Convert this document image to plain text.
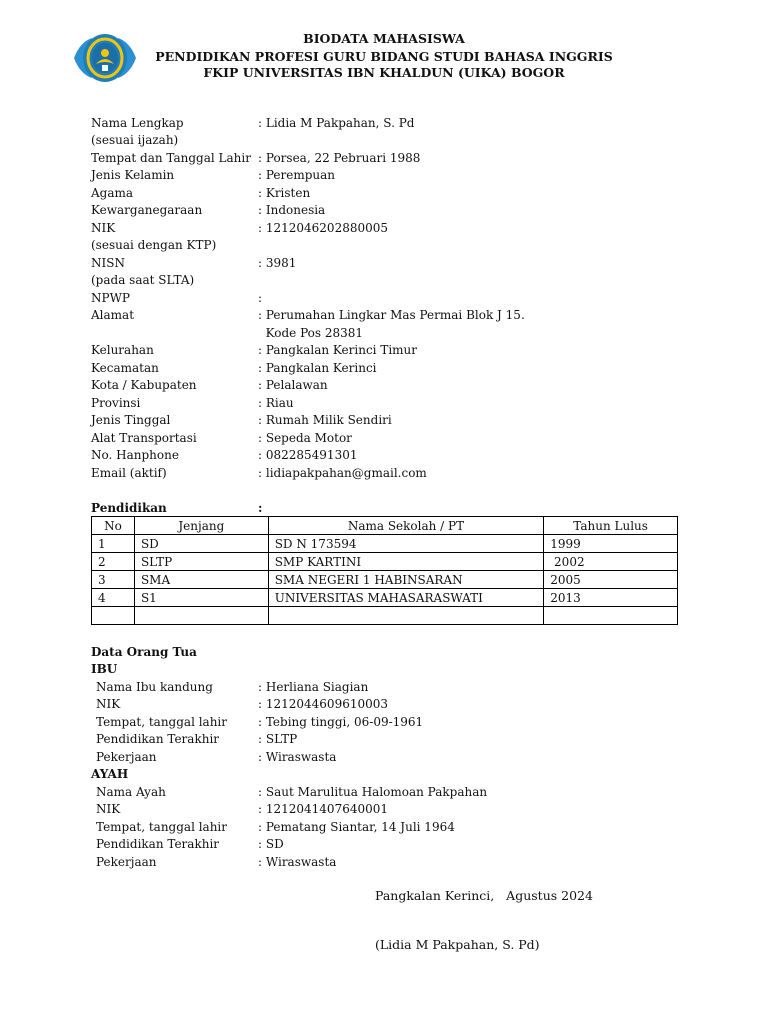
BIODATA MAHASISWA
PENDIDIKAN PROFESI GURU BIDANG STUDI BAHASA INGGRIS
FKIP UNIVERSITAS IBN KHALDUN (UIKA) BOGOR
Nama Lengkap	: Lidia M Pakpahan, S. Pd
(sesuai ijazah)
Tempat dan Tanggal Lahir : Porsea, 22 Pebruari 1988
Jenis Kelamin	: Perempuan
Agama	: Kristen
Kewarganegaraan	: Indonesia
NIK	: 1212046202880005
(sesuai dengan KTP)
NISN	: 3981
(pada saat SLTA)
NPWP	:
Alamat	: Perumahan Lingkar Mas Permai Blok J 15.
Kode Pos 28381
Kelurahan	: Pangkalan Kerinci Timur
Kecamatan	: Pangkalan Kerinci
Kota / Kabupaten	: Pelalawan
Provinsi	: Riau
Jenis Tinggal	: Rumah Milik Sendiri
Alat Transportasi	: Sepeda Motor
No. Hanphone	: 082285491301
Email (aktif)	: lidiapakpahan@gmail.com
Pendidikan	:
No	Jenjang	Nama Sekolah / PT	Tahun Lulus
1	SD	SD N 173594	1999
2	SLTP	SMP KARTINI	2002
3	SMA	SMA NEGERI 1 HABINSARAN	2005
4	S1	UNIVERSITAS MAHASARASWATI	2013

Data Orang Tua
IBU
Nama Ibu kandung	: Herliana Siagian
NIK	: 1212044609610003
Tempat, tanggal lahir	: Tebing tinggi, 06-09-1961
Pendidikan Terakhir	: SLTP
Pekerjaan	: Wiraswasta
AYAH
Nama Ayah	: Saut Marulitua Halomoan Pakpahan
NIK	: 1212041407640001
Tempat, tanggal lahir	: Pematang Siantar, 14 Juli 1964
Pendidikan Terakhir	: SD
Pekerjaan	: Wiraswasta
Pangkalan Kerinci,   Agustus 2024
(Lidia M Pakpahan, S. Pd)
